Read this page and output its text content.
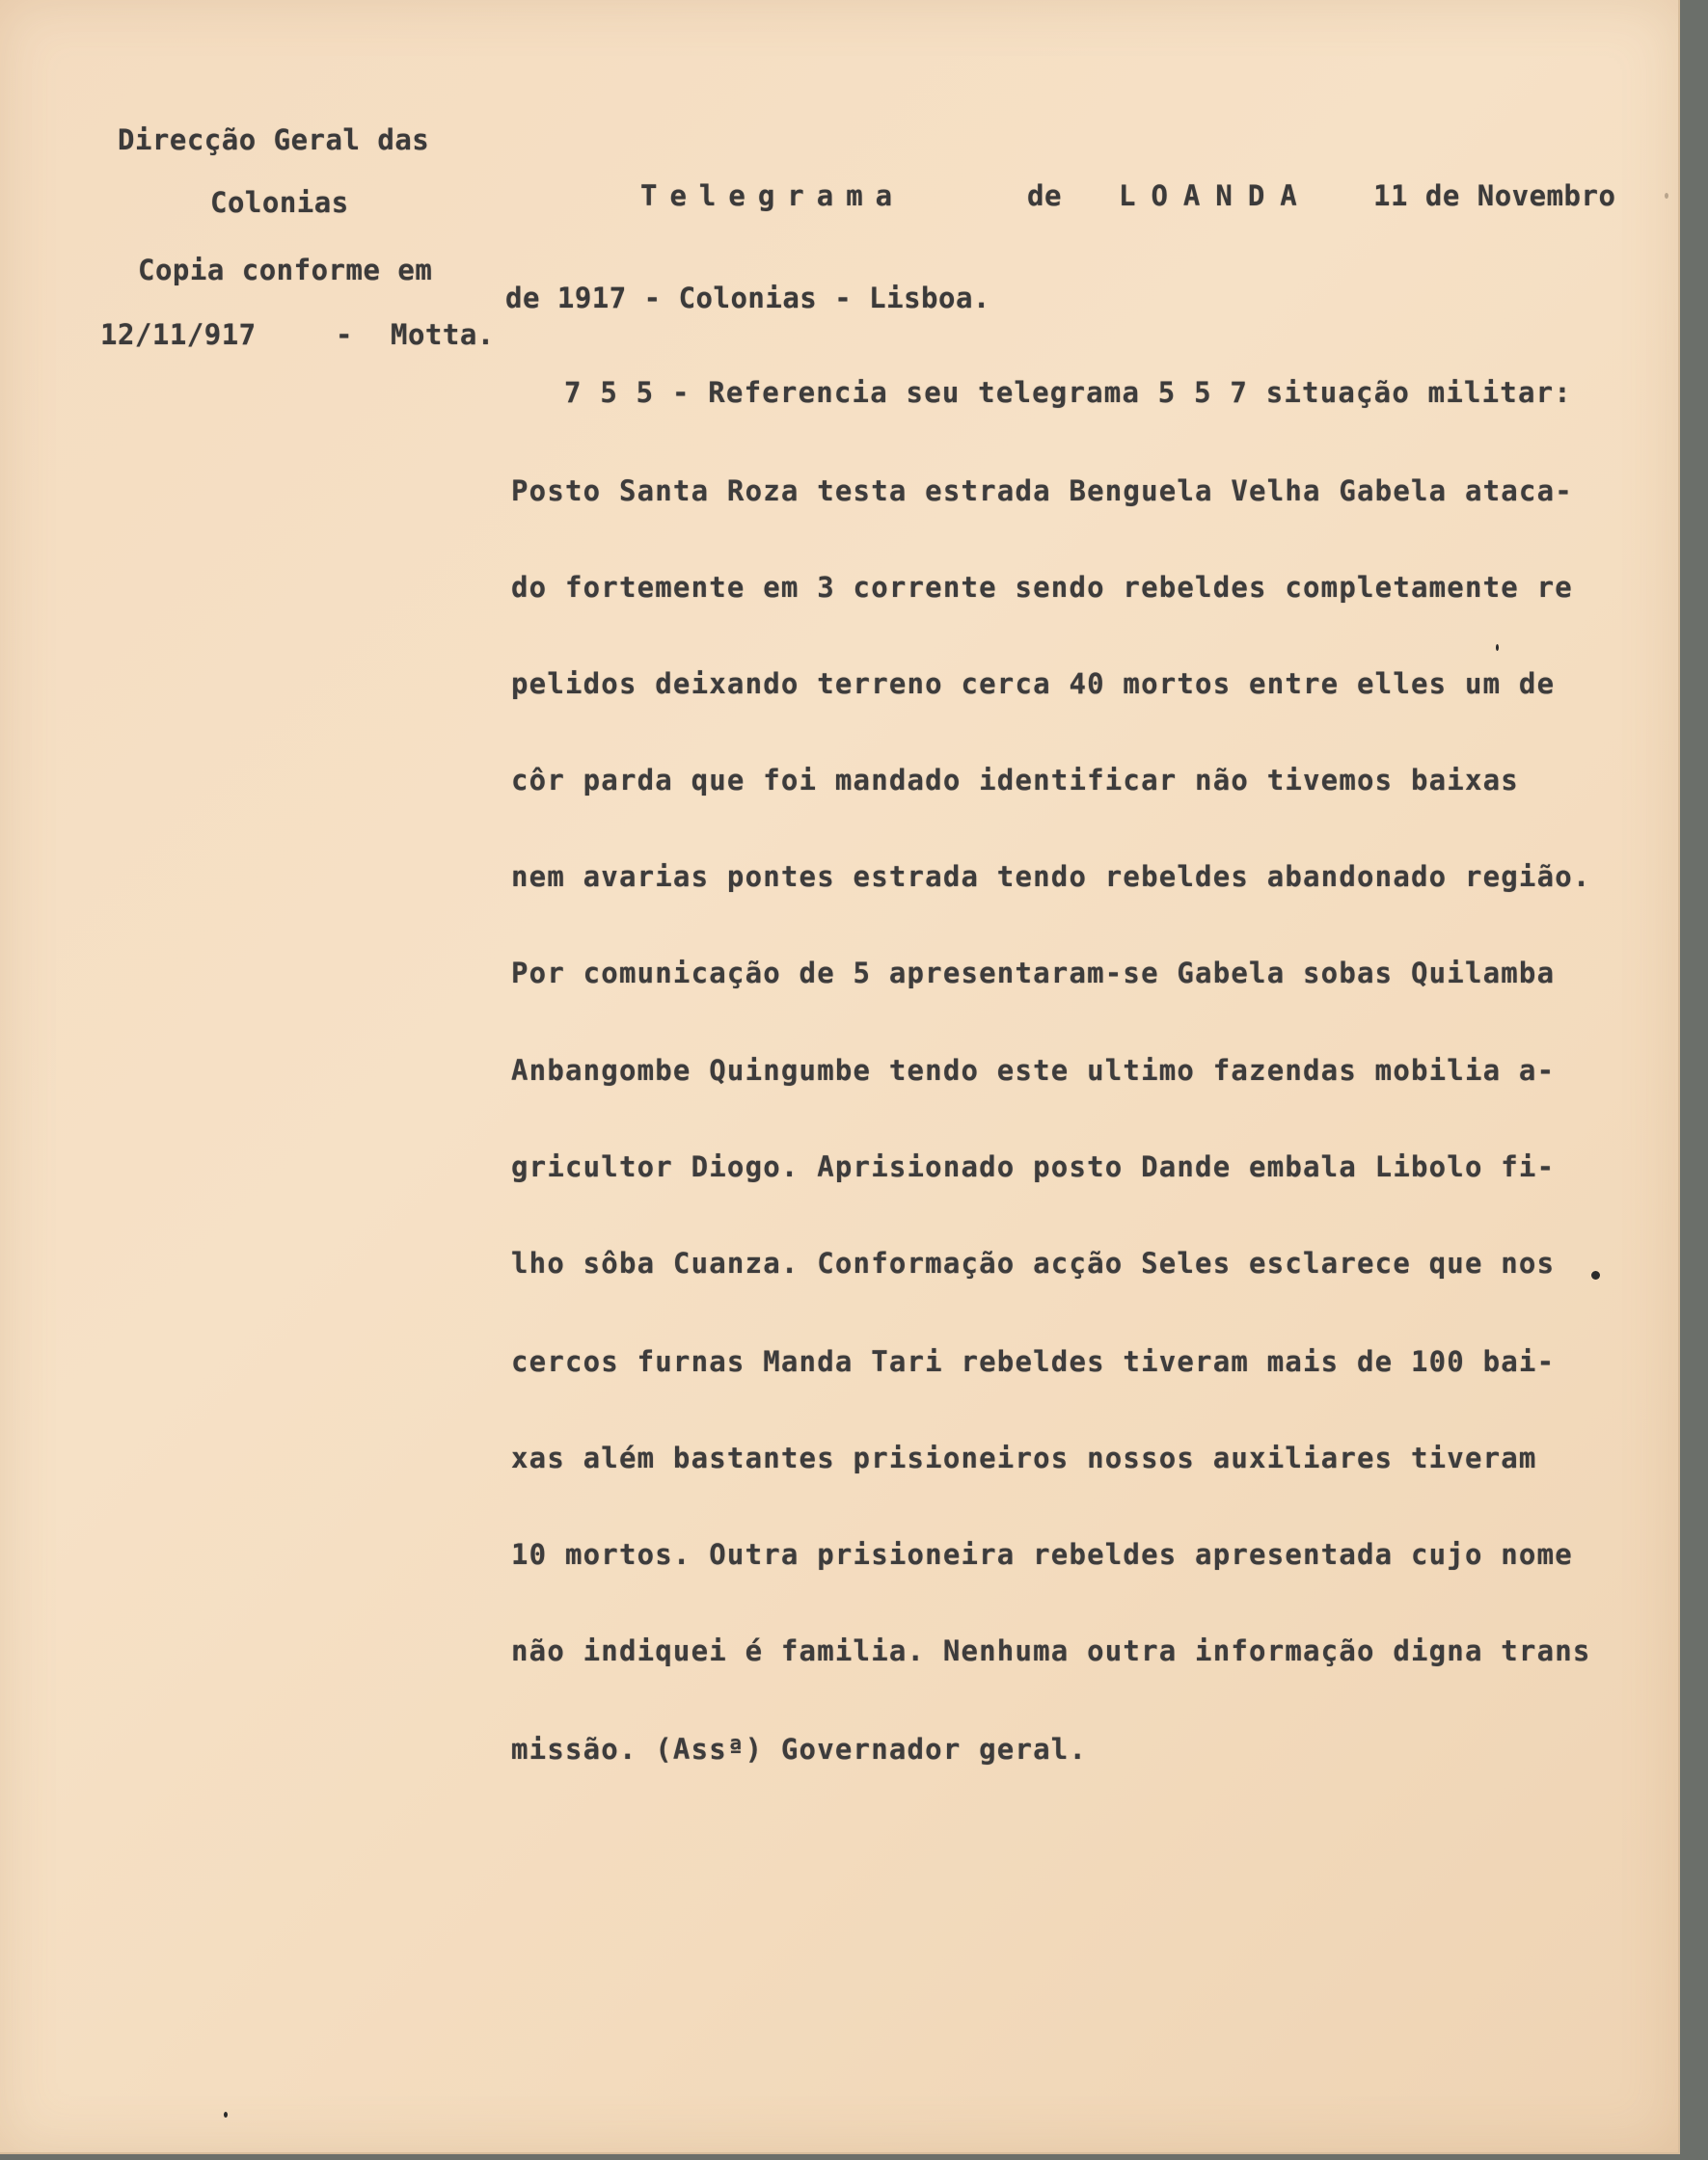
Direcção Geral das
Colonias
Copia conforme em
12/11/917	- Motta.
Telegrama	de LOANDA 11 de Novembro
de 1917 - Colonias - Lisboa.
7 5 5 - Referencia seu telegrama 5 5 7 situação militar:
Posto Santa Roza testa estrada Benguela Velha Gabela ataca-
do fortemente em 3 corrente sendo rebeldes completamente re
pelidos deixando terreno cerca 40 mortos entre elles um de
côr parda que foi mandado identificar não tivemos baixas
nem avarias pontes estrada tendo rebeldes abandonado região.
Por comunicação de 5 apresentaram-se Gabela sobas Quilamba
Anbangombe Quingumbe tendo este ultimo fazendas mobilia a-
gricultor Diogo. Aprisionado posto Dande embala Libolo fi-
lho sôba Cuanza. Conformação acção Seles esclarece que nos
cercos furnas Manda Tari rebeldes tiveram mais de 100 bai-
xas além bastantes prisioneiros nossos auxiliares tiveram
10 mortos. Outra prisioneira rebeldes apresentada cujo nome
não indiquei é familia. Nenhuma outra informação digna trans
missão. (Assª) Governador geral.
